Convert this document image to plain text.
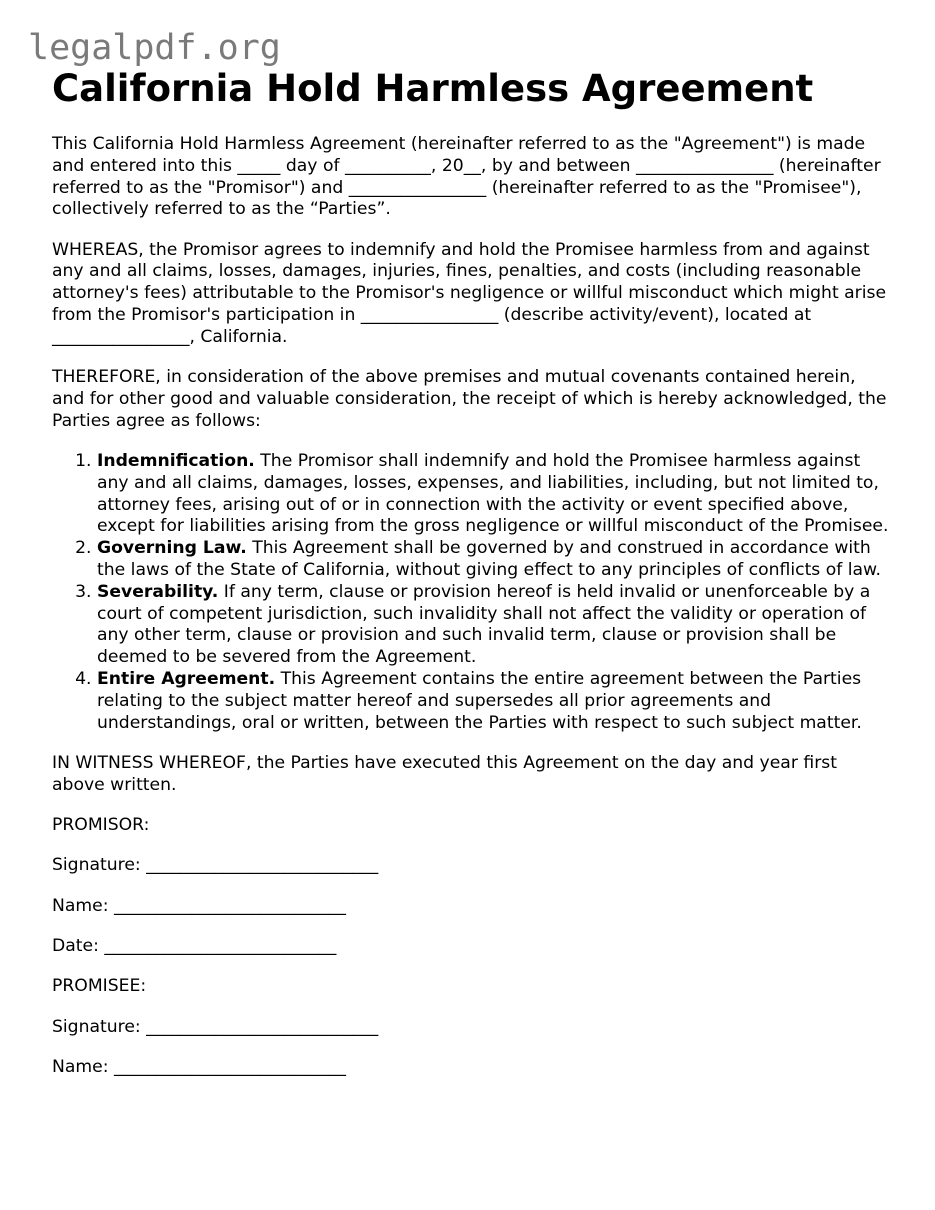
legalpdf.org
California Hold Harmless Agreement

This California Hold Harmless Agreement (hereinafter referred to as the "Agreement") is made and entered into this _____ day of __________, 20__, by and between ________________ (hereinafter referred to as the "Promisor") and ________________ (hereinafter referred to as the "Promisee"), collectively referred to as the “Parties”.

WHEREAS, the Promisor agrees to indemnify and hold the Promisee harmless from and against any and all claims, losses, damages, injuries, fines, penalties, and costs (including reasonable attorney's fees) attributable to the Promisor's negligence or willful misconduct which might arise from the Promisor's participation in ________________ (describe activity/event), located at ________________, California.

THEREFORE, in consideration of the above premises and mutual covenants contained herein, and for other good and valuable consideration, the receipt of which is hereby acknowledged, the Parties agree as follows:

1. Indemnification. The Promisor shall indemnify and hold the Promisee harmless against any and all claims, damages, losses, expenses, and liabilities, including, but not limited to, attorney fees, arising out of or in connection with the activity or event specified above, except for liabilities arising from the gross negligence or willful misconduct of the Promisee.
2. Governing Law. This Agreement shall be governed by and construed in accordance with the laws of the State of California, without giving effect to any principles of conflicts of law.
3. Severability. If any term, clause or provision hereof is held invalid or unenforceable by a court of competent jurisdiction, such invalidity shall not affect the validity or operation of any other term, clause or provision and such invalid term, clause or provision shall be deemed to be severed from the Agreement.
4. Entire Agreement. This Agreement contains the entire agreement between the Parties relating to the subject matter hereof and supersedes all prior agreements and understandings, oral or written, between the Parties with respect to such subject matter.

IN WITNESS WHEREOF, the Parties have executed this Agreement on the day and year first above written.

PROMISOR:

Signature: ___________________________

Name: ___________________________

Date: ___________________________

PROMISEE:

Signature: ___________________________

Name: ___________________________
